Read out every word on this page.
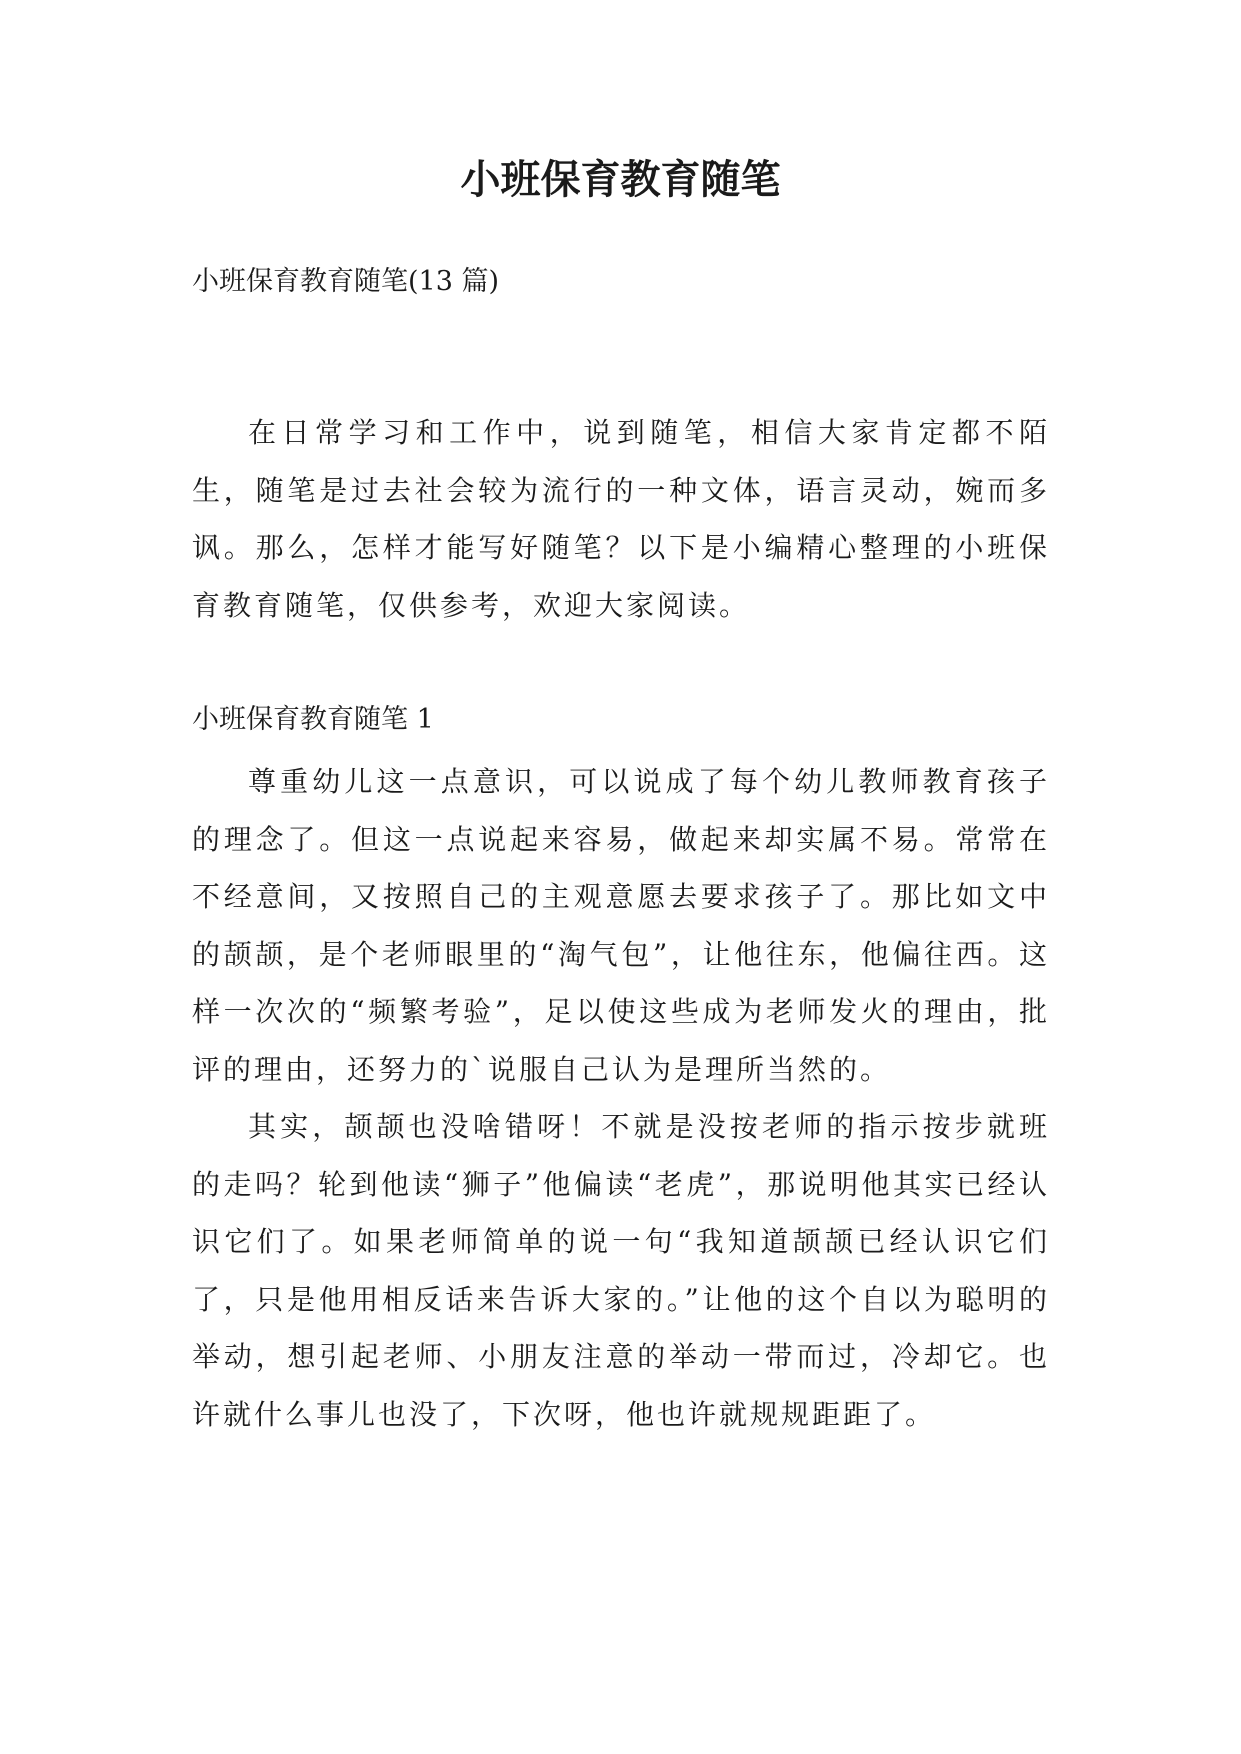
小班保育教育随笔

小班保育教育随笔(13 篇)

在日常学习和工作中，说到随笔，相信大家肯定都不陌生，随笔是过去社会较为流行的一种文体，语言灵动，婉而多讽。那么，怎样才能写好随笔？以下是小编精心整理的小班保育教育随笔，仅供参考，欢迎大家阅读。

小班保育教育随笔 1

尊重幼儿这一点意识，可以说成了每个幼儿教师教育孩子的理念了。但这一点说起来容易，做起来却实属不易。常常在不经意间，又按照自己的主观意愿去要求孩子了。那比如文中的颉颉，是个老师眼里的“淘气包”，让他往东，他偏往西。这样一次次的“频繁考验”，足以使这些成为老师发火的理由，批评的理由，还努力的`说服自己认为是理所当然的。

其实，颉颉也没啥错呀！不就是没按老师的指示按步就班的走吗？轮到他读“狮子”他偏读“老虎”，那说明他其实已经认识它们了。如果老师简单的说一句“我知道颉颉已经认识它们了，只是他用相反话来告诉大家的。”让他的这个自以为聪明的举动，想引起老师、小朋友注意的举动一带而过，冷却它。也许就什么事儿也没了，下次呀，他也许就规规距距了。
